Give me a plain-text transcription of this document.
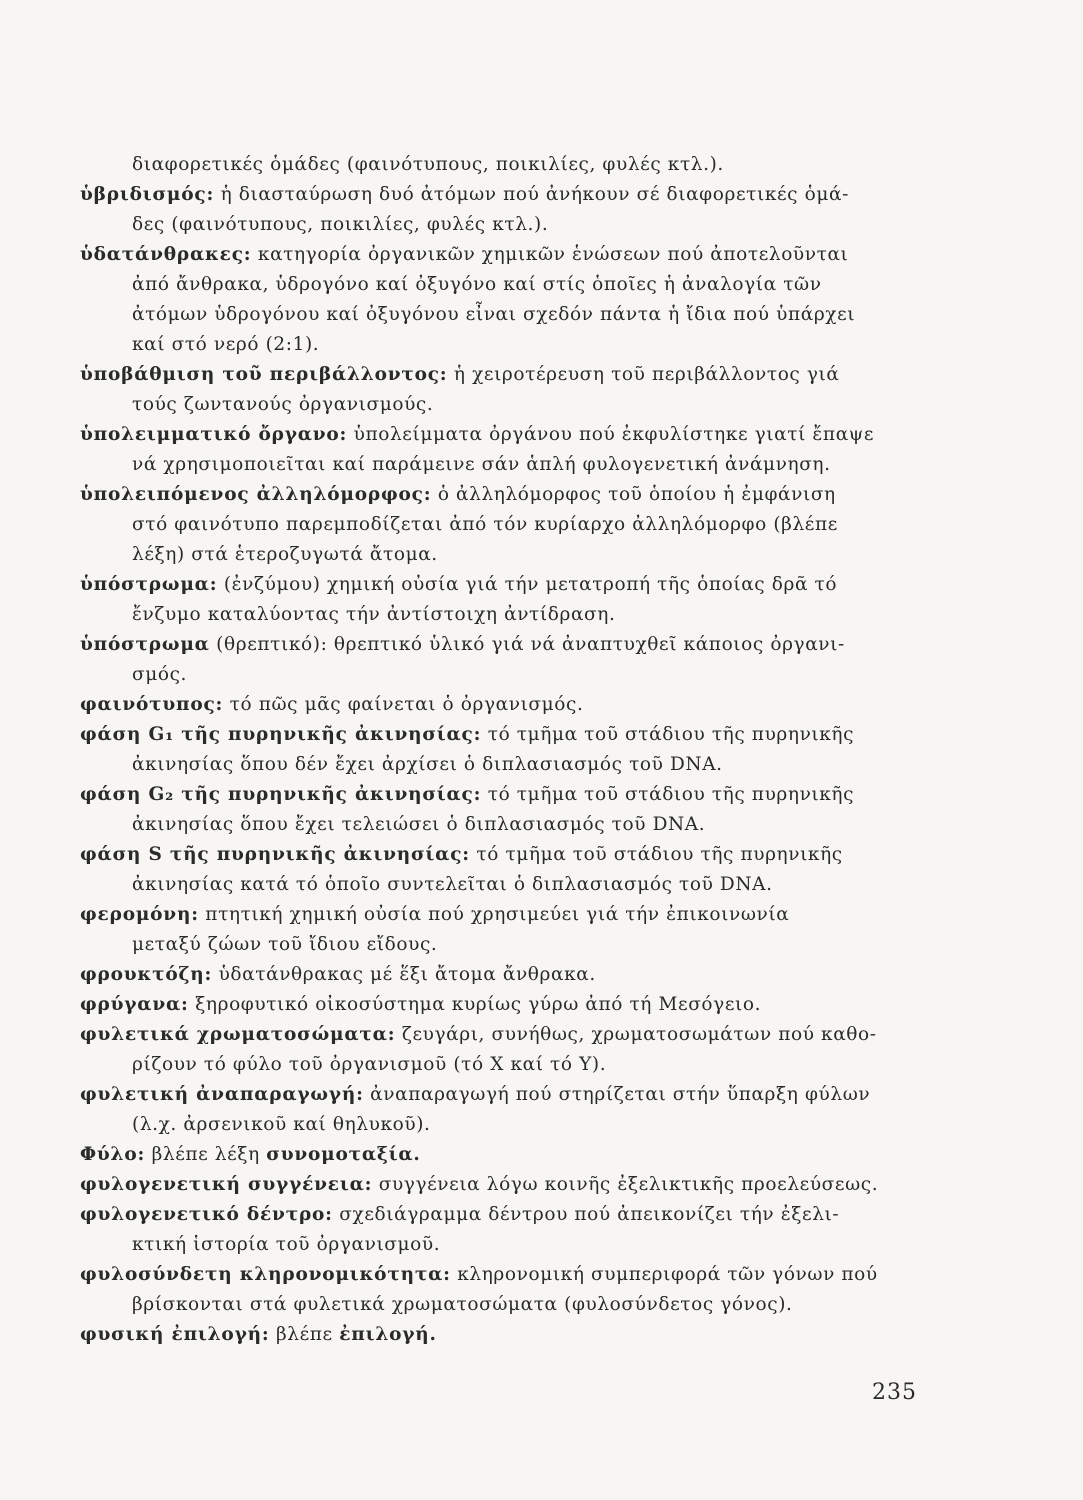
διαφορετικές ὁμάδες (φαινότυπους, ποικιλίες, φυλές κτλ.).
ὑβριδισμός: ἡ διασταύρωση δυό ἀτόμων πού ἀνήκουν σέ διαφορετικές ὁμά-
δες (φαινότυπους, ποικιλίες, φυλές κτλ.).
ὑδατάνθρακες: κατηγορία ὀργανικῶν χημικῶν ἑνώσεων πού ἀποτελοῦνται
ἀπό ἄνθρακα, ὑδρογόνο καί ὀξυγόνο καί στίς ὁποῖες ἡ ἀναλογία τῶν
ἀτόμων ὑδρογόνου καί ὀξυγόνου εἶναι σχεδόν πάντα ἡ ἴδια πού ὑπάρχει
καί στό νερό (2:1).
ὑποβάθμιση τοῦ περιβάλλοντος: ἡ χειροτέρευση τοῦ περιβάλλοντος γιά
τούς ζωντανούς ὀργανισμούς.
ὑπολειμματικό ὄργανο: ὑπολείμματα ὀργάνου πού ἐκφυλίστηκε γιατί ἔπαψε
νά χρησιμοποιεῖται καί παράμεινε σάν ἁπλή φυλογενετική ἀνάμνηση.
ὑπολειπόμενος ἀλληλόμορφος: ὁ ἀλληλόμορφος τοῦ ὁποίου ἡ ἐμφάνιση
στό φαινότυπο παρεμποδίζεται ἀπό τόν κυρίαρχο ἀλληλόμορφο (βλέπε
λέξη) στά ἑτεροζυγωτά ἄτομα.
ὑπόστρωμα: (ἐνζύμου) χημική οὐσία γιά τήν μετατροπή τῆς ὁποίας δρᾶ τό
ἔνζυμο καταλύοντας τήν ἀντίστοιχη ἀντίδραση.
ὑπόστρωμα (θρεπτικό): θρεπτικό ὑλικό γιά νά ἀναπτυχθεῖ κάποιος ὀργανι-
σμός.
φαινότυπος: τό πῶς μᾶς φαίνεται ὁ ὀργανισμός.
φάση G₁ τῆς πυρηνικῆς ἀκινησίας: τό τμῆμα τοῦ στάδιου τῆς πυρηνικῆς
ἀκινησίας ὅπου δέν ἔχει ἀρχίσει ὁ διπλασιασμός τοῦ DNA.
φάση G₂ τῆς πυρηνικῆς ἀκινησίας: τό τμῆμα τοῦ στάδιου τῆς πυρηνικῆς
ἀκινησίας ὅπου ἔχει τελειώσει ὁ διπλασιασμός τοῦ DNA.
φάση S τῆς πυρηνικῆς ἀκινησίας: τό τμῆμα τοῦ στάδιου τῆς πυρηνικῆς
ἀκινησίας κατά τό ὁποῖο συντελεῖται ὁ διπλασιασμός τοῦ DNA.
φερομόνη: πτητική χημική οὐσία πού χρησιμεύει γιά τήν ἐπικοινωνία
μεταξύ ζώων τοῦ ἴδιου εἴδους.
φρουκτόζη: ὑδατάνθρακας μέ ἕξι ἄτομα ἄνθρακα.
φρύγανα: ξηροφυτικό οἰκοσύστημα κυρίως γύρω ἀπό τή Μεσόγειο.
φυλετικά χρωματοσώματα: ζευγάρι, συνήθως, χρωματοσωμάτων πού καθο-
ρίζουν τό φύλο τοῦ ὀργανισμοῦ (τό X καί τό Y).
φυλετική ἀναπαραγωγή: ἀναπαραγωγή πού στηρίζεται στήν ὕπαρξη φύλων
(λ.χ. ἀρσενικοῦ καί θηλυκοῦ).
Φύλο: βλέπε λέξη συνομοταξία.
φυλογενετική συγγένεια: συγγένεια λόγω κοινῆς ἐξελικτικῆς προελεύσεως.
φυλογενετικό δέντρο: σχεδιάγραμμα δέντρου πού ἀπεικονίζει τήν ἐξελι-
κτική ἱστορία τοῦ ὀργανισμοῦ.
φυλοσύνδετη κληρονομικότητα: κληρονομική συμπεριφορά τῶν γόνων πού
βρίσκονται στά φυλετικά χρωματοσώματα (φυλοσύνδετος γόνος).
φυσική ἐπιλογή: βλέπε ἐπιλογή.
235
